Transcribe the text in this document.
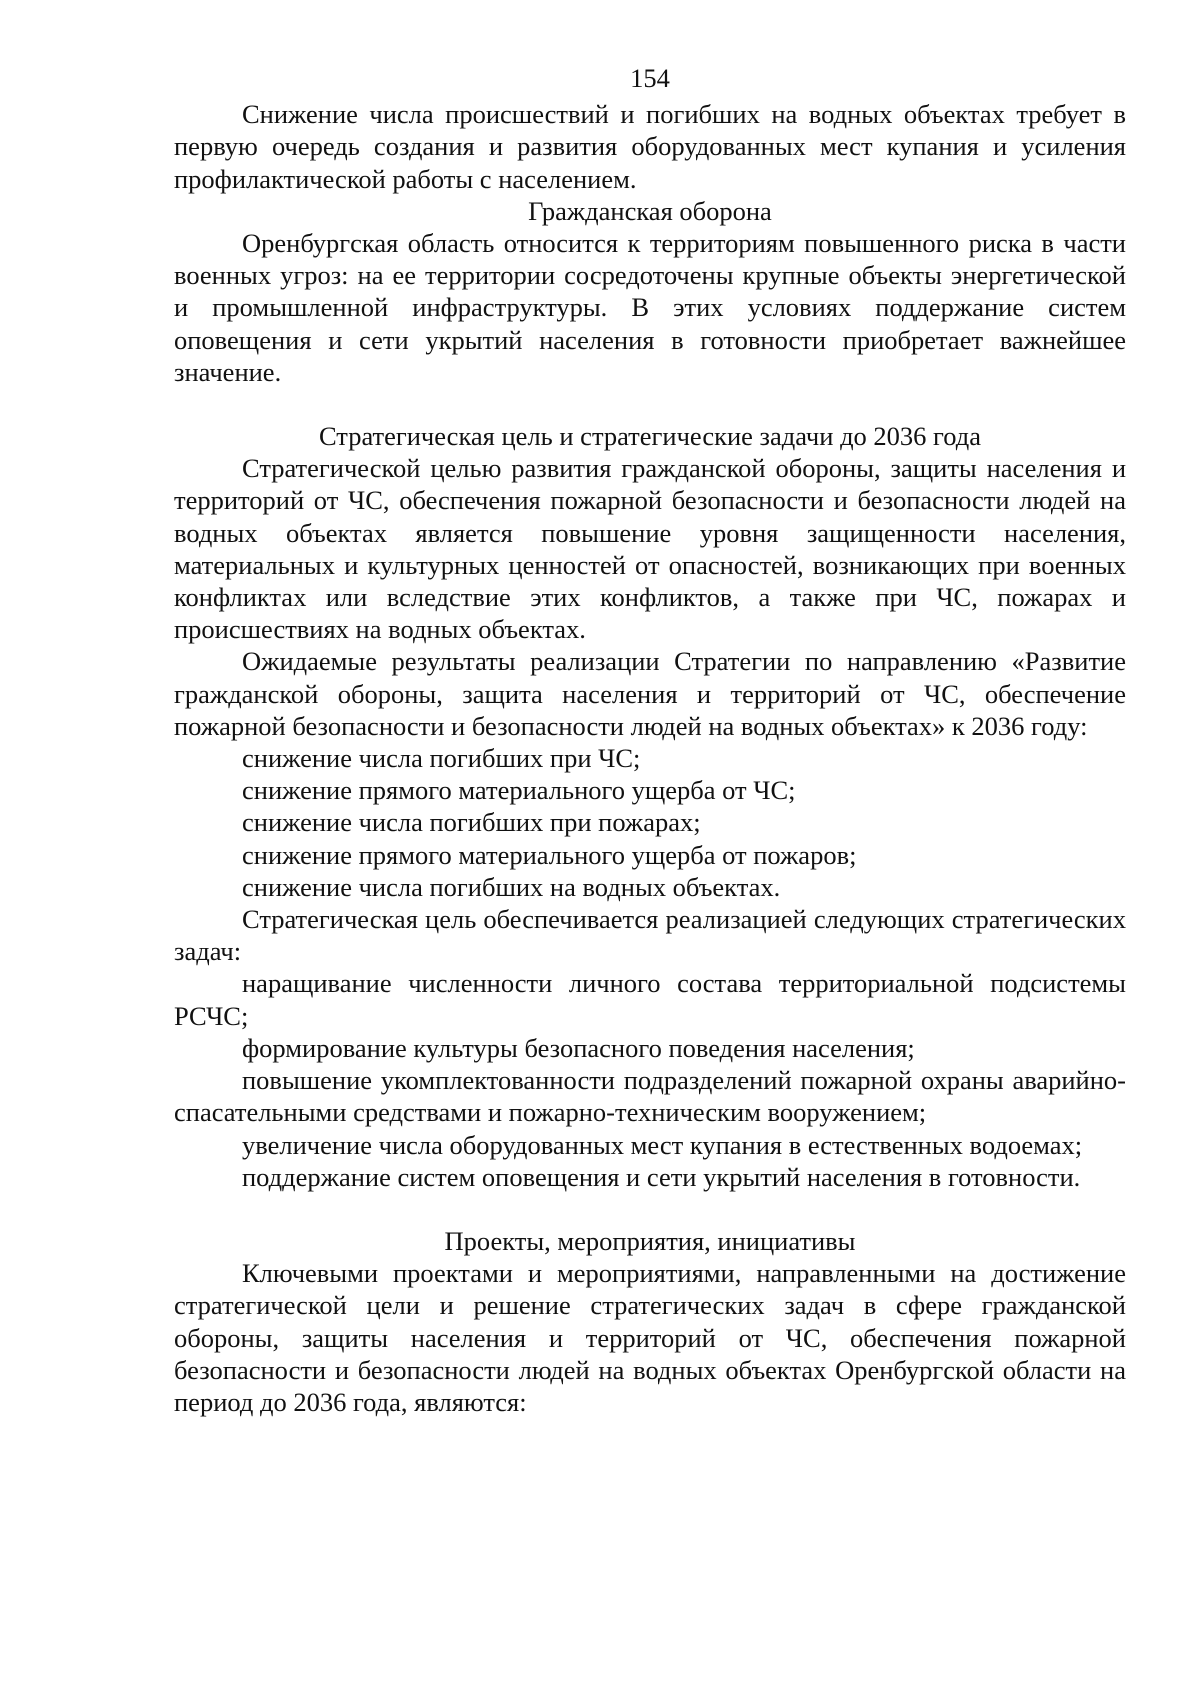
154

Снижение числа происшествий и погибших на водных объектах требует в первую очередь создания и развития оборудованных мест купания и усиления профилактической работы с населением.

Гражданская оборона

Оренбургская область относится к территориям повышенного риска в части военных угроз: на ее территории сосредоточены крупные объекты энергетической и промышленной инфраструктуры. В этих условиях поддержание систем оповещения и сети укрытий населения в готовности приобретает важнейшее значение.

Стратегическая цель и стратегические задачи до 2036 года

Стратегической целью развития гражданской обороны, защиты населения и территорий от ЧС, обеспечения пожарной безопасности и безопасности людей на водных объектах является повышение уровня защищенности населения, материальных и культурных ценностей от опасностей, возникающих при военных конфликтах или вследствие этих конфликтов, а также при ЧС, пожарах и происшествиях на водных объектах.

Ожидаемые результаты реализации Стратегии по направлению «Развитие гражданской обороны, защита населения и территорий от ЧС, обеспечение пожарной безопасности и безопасности людей на водных объектах» к 2036 году:

снижение числа погибших при ЧС;

снижение прямого материального ущерба от ЧС;

снижение числа погибших при пожарах;

снижение прямого материального ущерба от пожаров;

снижение числа погибших на водных объектах.

Стратегическая цель обеспечивается реализацией следующих стратегических задач:

наращивание численности личного состава территориальной подсистемы РСЧС;

формирование культуры безопасного поведения населения;

повышение укомплектованности подразделений пожарной охраны аварийно-спасательными средствами и пожарно-техническим вооружением;

увеличение числа оборудованных мест купания в естественных водоемах;

поддержание систем оповещения и сети укрытий населения в готовности.

Проекты, мероприятия, инициативы

Ключевыми проектами и мероприятиями, направленными на достижение стратегической цели и решение стратегических задач в сфере гражданской обороны, защиты населения и территорий от ЧС, обеспечения пожарной безопасности и безопасности людей на водных объектах Оренбургской области на период до 2036 года, являются:
